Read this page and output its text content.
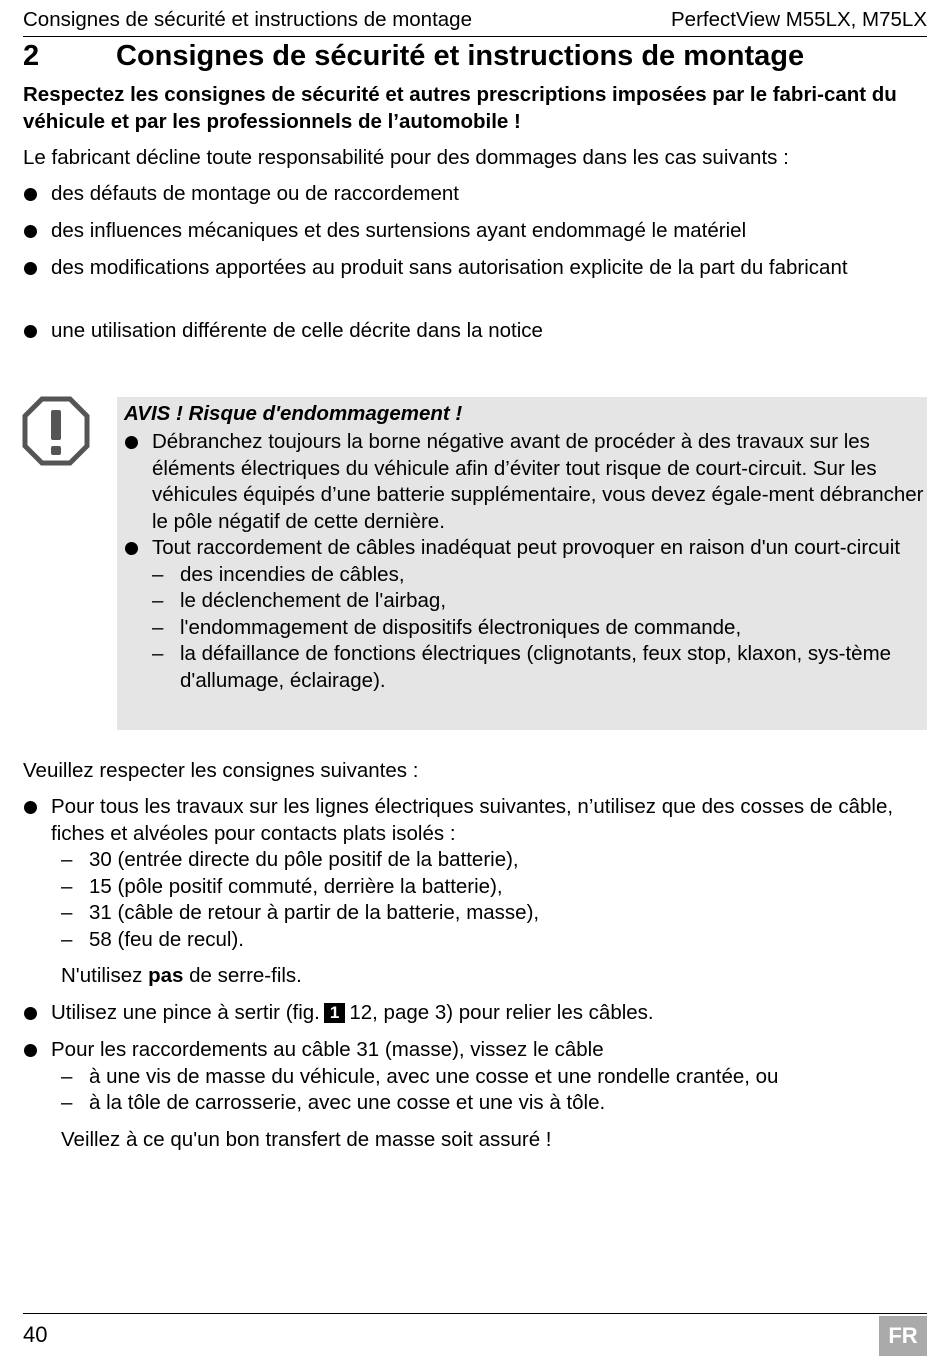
Consignes de sécurité et instructions de montage	PerfectView M55LX, M75LX
2	Consignes de sécurité et instructions de montage
Respectez les consignes de sécurité et autres prescriptions imposées par le fabri-cant du véhicule et par les professionnels de l’automobile !
Le fabricant décline toute responsabilité pour des dommages dans les cas suivants :
des défauts de montage ou de raccordement
des influences mécaniques et des surtensions ayant endommagé le matériel
des modifications apportées au produit sans autorisation explicite de la part du fabricant
une utilisation différente de celle décrite dans la notice
AVIS ! Risque d'endommagement !
Débranchez toujours la borne négative avant de procéder à des travaux sur les éléments électriques du véhicule afin d’éviter tout risque de court-circuit. Sur les véhicules équipés d’une batterie supplémentaire, vous devez égale-ment débrancher le pôle négatif de cette dernière.
Tout raccordement de câbles inadéquat peut provoquer en raison d'un court-circuit
– des incendies de câbles,
– le déclenchement de l'airbag,
– l'endommagement de dispositifs électroniques de commande,
– la défaillance de fonctions électriques (clignotants, feux stop, klaxon, sys-tème d'allumage, éclairage).
Veuillez respecter les consignes suivantes :
Pour tous les travaux sur les lignes électriques suivantes, n’utilisez que des cosses de câble, fiches et alvéoles pour contacts plats isolés :
– 30 (entrée directe du pôle positif de la batterie),
– 15 (pôle positif commuté, derrière la batterie),
– 31 (câble de retour à partir de la batterie, masse),
– 58 (feu de recul).
N'utilisez pas de serre-fils.
Utilisez une pince à sertir (fig. 1 12, page 3) pour relier les câbles.
Pour les raccordements au câble 31 (masse), vissez le câble
– à une vis de masse du véhicule, avec une cosse et une rondelle crantée, ou
– à la tôle de carrosserie, avec une cosse et une vis à tôle.
Veillez à ce qu'un bon transfert de masse soit assuré !
40	FR
